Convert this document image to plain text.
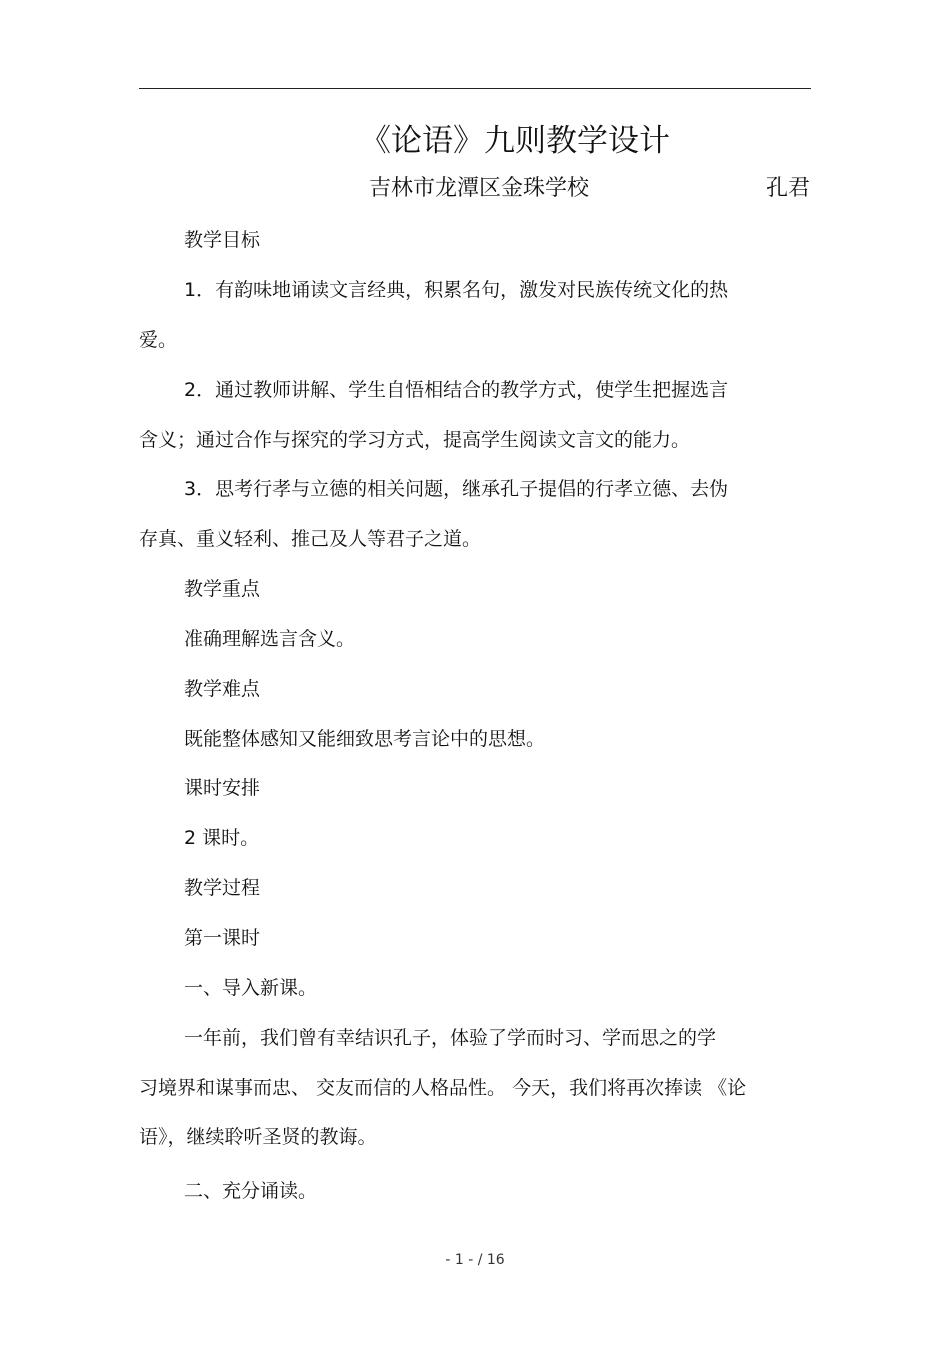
《论语》九则教学设计
吉林市龙潭区金珠学校	孔君
教学目标
1．有韵味地诵读文言经典，积累名句，激发对民族传统文化的热
爱。
2．通过教师讲解、学生自悟相结合的教学方式，使学生把握选言
含义；通过合作与探究的学习方式，提高学生阅读文言文的能力。
3．思考行孝与立德的相关问题，继承孔子提倡的行孝立德、去伪
存真、重义轻利、推己及人等君子之道。
教学重点
准确理解选言含义。
教学难点
既能整体感知又能细致思考言论中的思想。
课时安排
2 课时。
教学过程
第一课时
一、导入新课。
一年前，我们曾有幸结识孔子，体验了学而时习、学而思之的学
习境界和谋事而忠、 交友而信的人格品性。 今天，我们将再次捧读 《论
语》，继续聆听圣贤的教诲。
二、充分诵读。
- 1 - / 16
